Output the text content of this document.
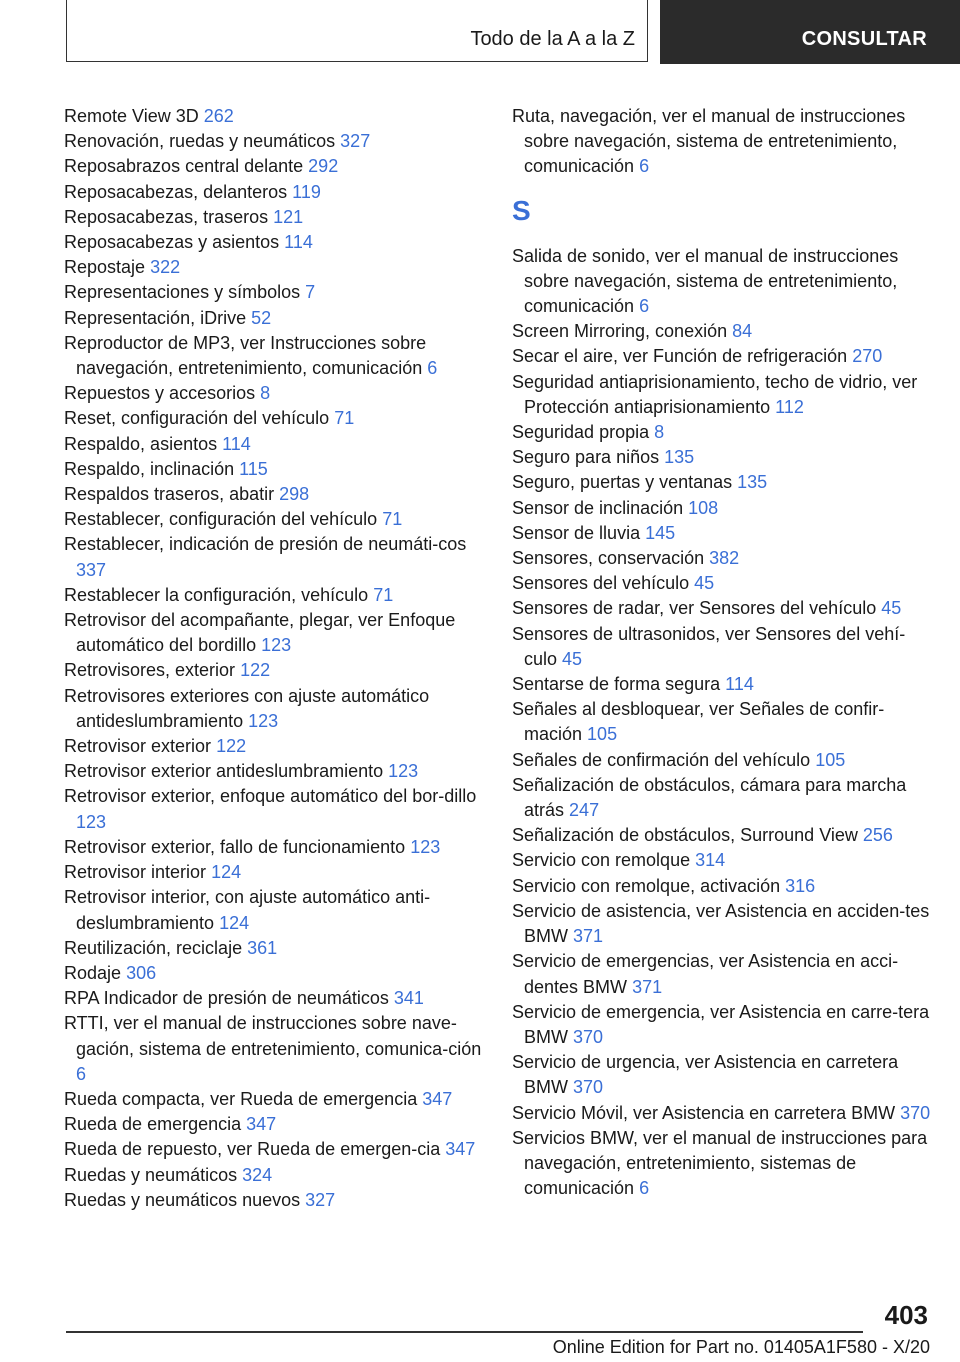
Todo de la A a la Z	CONSULTAR
Remote View 3D 262
Renovación, ruedas y neumáticos 327
Reposabrazos central delante 292
Reposacabezas, delanteros 119
Reposacabezas, traseros 121
Reposacabezas y asientos 114
Repostaje 322
Representaciones y símbolos 7
Representación, iDrive 52
Reproductor de MP3, ver Instrucciones sobre navegación, entretenimiento, comunicación 6
Repuestos y accesorios 8
Reset, configuración del vehículo 71
Respaldo, asientos 114
Respaldo, inclinación 115
Respaldos traseros, abatir 298
Restablecer, configuración del vehículo 71
Restablecer, indicación de presión de neumáti-cos 337
Restablecer la configuración, vehículo 71
Retrovisor del acompañante, plegar, ver Enfoque automático del bordillo 123
Retrovisores, exterior 122
Retrovisores exteriores con ajuste automático antideslumbramiento 123
Retrovisor exterior 122
Retrovisor exterior antideslumbramiento 123
Retrovisor exterior, enfoque automático del bor-dillo 123
Retrovisor exterior, fallo de funcionamiento 123
Retrovisor interior 124
Retrovisor interior, con ajuste automático anti-deslumbramiento 124
Reutilización, reciclaje 361
Rodaje 306
RPA Indicador de presión de neumáticos 341
RTTI, ver el manual de instrucciones sobre nave-gación, sistema de entretenimiento, comunica-ción 6
Rueda compacta, ver Rueda de emergencia 347
Rueda de emergencia 347
Rueda de repuesto, ver Rueda de emergen-cia 347
Ruedas y neumáticos 324
Ruedas y neumáticos nuevos 327
Ruta, navegación, ver el manual de instrucciones sobre navegación, sistema de entretenimiento, comunicación 6
S
Salida de sonido, ver el manual de instrucciones sobre navegación, sistema de entretenimiento, comunicación 6
Screen Mirroring, conexión 84
Secar el aire, ver Función de refrigeración 270
Seguridad antiaprisionamiento, techo de vidrio, ver Protección antiaprisionamiento 112
Seguridad propia 8
Seguro para niños 135
Seguro, puertas y ventanas 135
Sensor de inclinación 108
Sensor de lluvia 145
Sensores, conservación 382
Sensores del vehículo 45
Sensores de radar, ver Sensores del vehículo 45
Sensores de ultrasonidos, ver Sensores del vehí-culo 45
Sentarse de forma segura 114
Señales al desbloquear, ver Señales de confir-mación 105
Señales de confirmación del vehículo 105
Señalización de obstáculos, cámara para marcha atrás 247
Señalización de obstáculos, Surround View 256
Servicio con remolque 314
Servicio con remolque, activación 316
Servicio de asistencia, ver Asistencia en acciden-tes BMW 371
Servicio de emergencias, ver Asistencia en acci-dentes BMW 371
Servicio de emergencia, ver Asistencia en carre-tera BMW 370
Servicio de urgencia, ver Asistencia en carretera BMW 370
Servicio Móvil, ver Asistencia en carretera BMW 370
Servicios BMW, ver el manual de instrucciones para navegación, entretenimiento, sistemas de comunicación 6
403
Online Edition for Part no. 01405A1F580 - X/20
